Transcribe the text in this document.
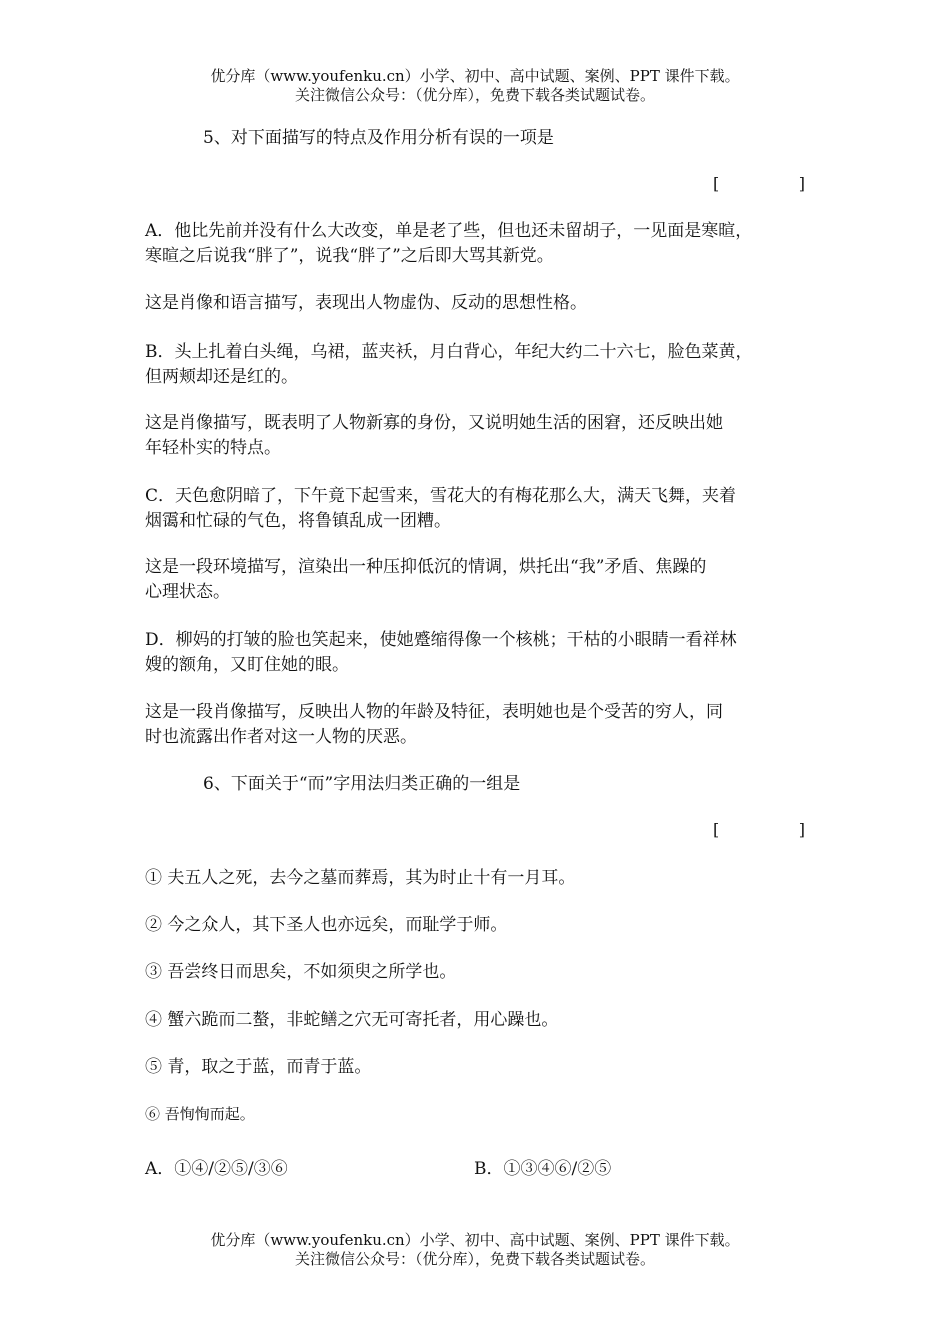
优分库（www.youfenku.cn）小学、初中、高中试题、案例、PPT 课件下载。
关注微信公众号：（优分库），免费下载各类试题试卷。
5、对下面描写的特点及作用分析有误的一项是
[	]
A．他比先前并没有什么大改变，单是老了些，但也还未留胡子，一见面是寒暄，
寒暄之后说我“胖了”，说我“胖了”之后即大骂其新党。
这是肖像和语言描写，表现出人物虚伪、反动的思想性格。
B．头上扎着白头绳，乌裙，蓝夹袄，月白背心，年纪大约二十六七，脸色菜黄，
但两颊却还是红的。
这是肖像描写，既表明了人物新寡的身份，又说明她生活的困窘，还反映出她
年轻朴实的特点。
C．天色愈阴暗了，下午竟下起雪来，雪花大的有梅花那么大，满天飞舞，夹着
烟霭和忙碌的气色，将鲁镇乱成一团糟。
这是一段环境描写，渲染出一种压抑低沉的情调，烘托出“我”矛盾、焦躁的
心理状态。
D．柳妈的打皱的脸也笑起来，使她蹙缩得像一个核桃；干枯的小眼睛一看祥林
嫂的额角，又盯住她的眼。
这是一段肖像描写，反映出人物的年龄及特征，表明她也是个受苦的穷人，同
时也流露出作者对这一人物的厌恶。
6、下面关于“而”字用法归类正确的一组是
[	]
① 夫五人之死，去今之墓而葬焉，其为时止十有一月耳。
② 今之众人，其下圣人也亦远矣，而耻学于师。
③ 吾尝终日而思矣，不如须臾之所学也。
④ 蟹六跪而二螯，非蛇鳝之穴无可寄托者，用心躁也。
⑤ 青，取之于蓝，而青于蓝。
⑥ 吾恂恂而起。
A．①④/②⑤/③⑥	B．①③④⑥/②⑤
优分库（www.youfenku.cn）小学、初中、高中试题、案例、PPT 课件下载。
关注微信公众号：（优分库），免费下载各类试题试卷。
